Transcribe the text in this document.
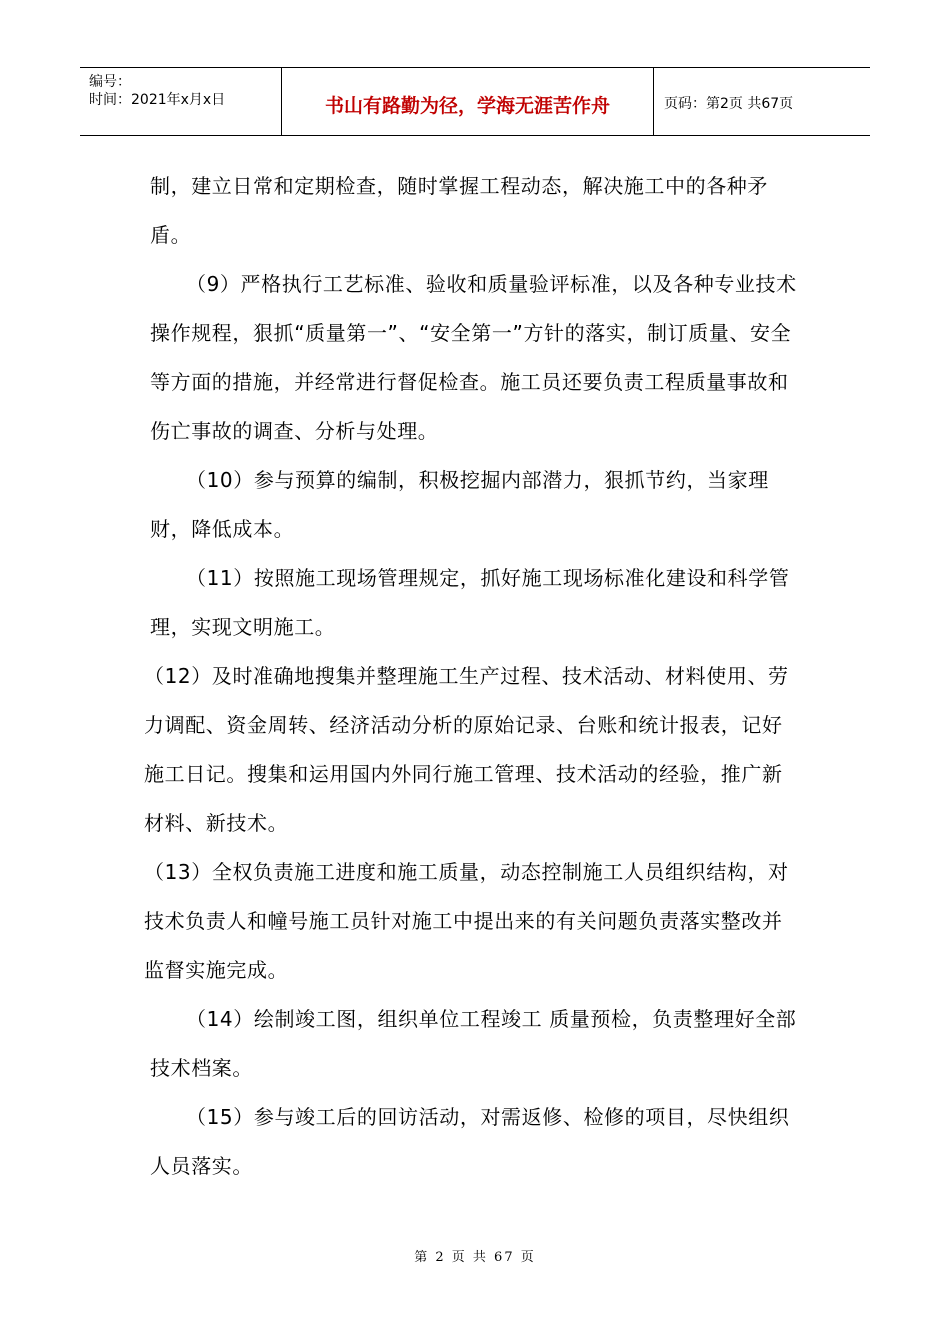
编号：
时间：2021年x月x日	书山有路勤为径，学海无涯苦作舟	页码：第2页 共67页

制，建立日常和定期检查，随时掌握工程动态，解决施工中的各种矛盾。

（9）严格执行工艺标准、验收和质量验评标准，以及各种专业技术操作规程，狠抓“质量第一”、“安全第一”方针的落实，制订质量、安全等方面的措施，并经常进行督促检查。施工员还要负责工程质量事故和伤亡事故的调查、分析与处理。

（10）参与预算的编制，积极挖掘内部潜力，狠抓节约，当家理财，降低成本。

（11）按照施工现场管理规定，抓好施工现场标准化建设和科学管理，实现文明施工。

（12）及时准确地搜集并整理施工生产过程、技术活动、材料使用、劳力调配、资金周转、经济活动分析的原始记录、台账和统计报表，记好施工日记。搜集和运用国内外同行施工管理、技术活动的经验，推广新材料、新技术。

（13）全权负责施工进度和施工质量，动态控制施工人员组织结构，对技术负责人和幢号施工员针对施工中提出来的有关问题负责落实整改并监督实施完成。

（14）绘制竣工图，组织单位工程竣工 质量预检，负责整理好全部技术档案。

（15）参与竣工后的回访活动，对需返修、检修的项目，尽快组织人员落实。

第 2 页 共 67 页
